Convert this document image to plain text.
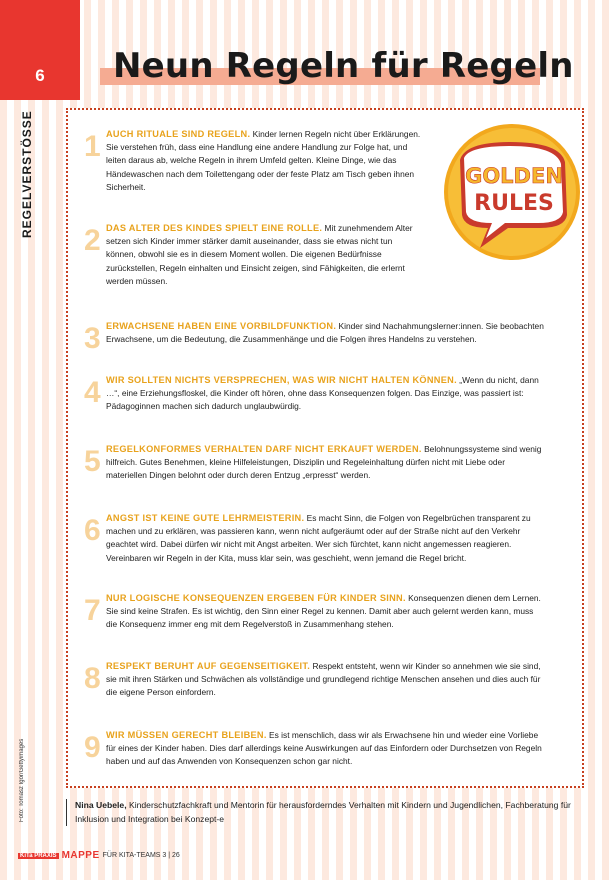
6	Neun Regeln für Regeln
REGELVERSTÖSSE
Foto: Tomasz Igor/Gettyimages
GOLDEN
RULES
1 AUCH RITUALE SIND REGELN. Kinder lernen Regeln nicht über Erklärungen. Sie verstehen früh, dass eine Handlung eine andere Handlung zur Folge hat, und leiten daraus ab, welche Regeln in ihrem Umfeld gelten. Kleine Dinge, wie das Händewaschen nach dem Toilettengang oder der feste Platz am Tisch geben ihnen Sicherheit.
2 DAS ALTER DES KINDES SPIELT EINE ROLLE. Mit zunehmendem Alter setzen sich Kinder immer stärker damit auseinander, dass sie etwas nicht tun können, obwohl sie es in diesem Moment wollen. Die eigenen Bedürfnisse zurückstellen, Regeln einhalten und Einsicht zeigen, sind Fähigkeiten, die erlernt werden müssen.
3 ERWACHSENE HABEN EINE VORBILDFUNKTION. Kinder sind Nachahmungslerner:innen. Sie beobachten Erwachsene, um die Bedeutung, die Zusammenhänge und die Folgen ihres Handelns zu verstehen.
4 WIR SOLLTEN NICHTS VERSPRECHEN, WAS WIR NICHT HALTEN KÖNNEN. „Wenn du nicht, dann …“, eine Erziehungsfloskel, die Kinder oft hören, ohne dass Konsequenzen folgen. Das Einzige, was passiert ist: Pädagoginnen machen sich dadurch unglaubwürdig.
5 REGELKONFORMES VERHALTEN DARF NICHT ERKAUFT WERDEN. Belohnungssysteme sind wenig hilfreich. Gutes Benehmen, kleine Hilfeleistungen, Disziplin und Regeleinhaltung dürfen nicht mit Liebe oder materiellen Dingen belohnt oder durch deren Entzug „erpresst“ werden.
6 ANGST IST KEINE GUTE LEHRMEISTERIN. Es macht Sinn, die Folgen von Regelbrüchen transparent zu machen und zu erklären, was passieren kann, wenn nicht aufgeräumt oder auf der Straße nicht auf den Verkehr geachtet wird. Dabei dürfen wir nicht mit Angst arbeiten. Wer sich fürchtet, kann nicht angemessen reagieren. Vereinbaren wir Regeln in der Kita, muss klar sein, was geschieht, wenn jemand die Regel bricht.
7 NUR LOGISCHE KONSEQUENZEN ERGEBEN FÜR KINDER SINN. Konsequenzen dienen dem Lernen. Sie sind keine Strafen. Es ist wichtig, den Sinn einer Regel zu kennen. Damit aber auch gelernt werden kann, muss die Konsequenz immer eng mit dem Regelverstoß in Zusammenhang stehen.
8 RESPEKT BERUHT AUF GEGENSEITIGKEIT. Respekt entsteht, wenn wir Kinder so annehmen wie sie sind, sie mit ihren Stärken und Schwächen als vollständige und grundlegend richtige Menschen ansehen und dies auch für die eigene Person einfordern.
9 WIR MÜSSEN GERECHT BLEIBEN. Es ist menschlich, dass wir als Erwachsene hin und wieder eine Vorliebe für eines der Kinder haben. Dies darf allerdings keine Auswirkungen auf das Einfordern oder Durchsetzen von Regeln haben und auf das Anwenden von Konsequenzen schon gar nicht.
Nina Uebele, Kinderschutzfachkraft und Mentorin für herausforderndes Verhalten mit Kindern und Jugendlichen, Fachberatung für Inklusion und Integration bei Konzept-e
KiTa PRAXIS MAPPE FÜR KITA-TEAMS 3 | 26
